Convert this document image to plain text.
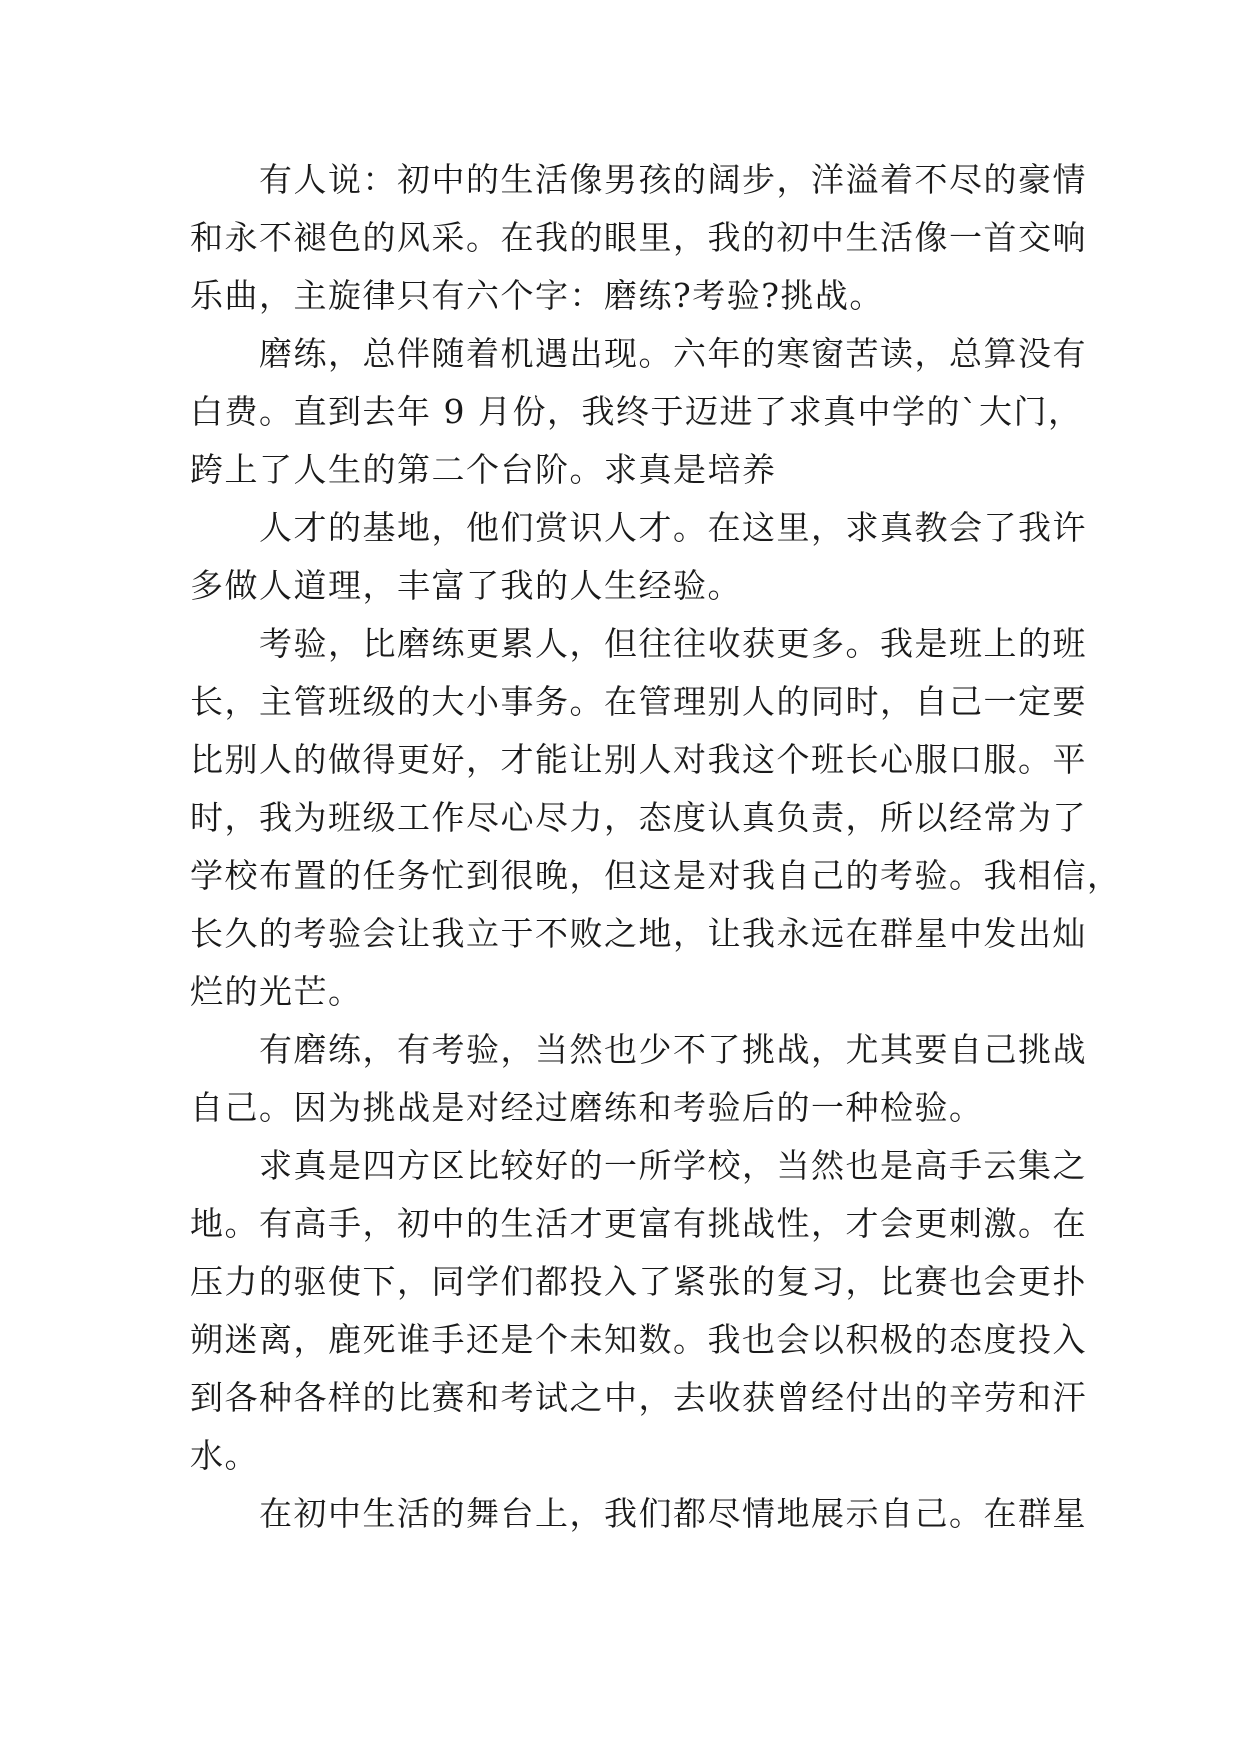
　　有人说：初中的生活像男孩的阔步，洋溢着不尽的豪情
和永不褪色的风采。在我的眼里，我的初中生活像一首交响
乐曲，主旋律只有六个字：磨练?考验?挑战。
　　磨练，总伴随着机遇出现。六年的寒窗苦读，总算没有
白费。直到去年 9 月份，我终于迈进了求真中学的`大门，
跨上了人生的第二个台阶。求真是培养
　　人才的基地，他们赏识人才。在这里，求真教会了我许
多做人道理，丰富了我的人生经验。
　　考验，比磨练更累人，但往往收获更多。我是班上的班
长，主管班级的大小事务。在管理别人的同时，自己一定要
比别人的做得更好，才能让别人对我这个班长心服口服。平
时，我为班级工作尽心尽力，态度认真负责，所以经常为了
学校布置的任务忙到很晚，但这是对我自己的考验。我相信，
长久的考验会让我立于不败之地，让我永远在群星中发出灿
烂的光芒。
　　有磨练，有考验，当然也少不了挑战，尤其要自己挑战
自己。因为挑战是对经过磨练和考验后的一种检验。
　　求真是四方区比较好的一所学校，当然也是高手云集之
地。有高手，初中的生活才更富有挑战性，才会更刺激。在
压力的驱使下，同学们都投入了紧张的复习，比赛也会更扑
朔迷离，鹿死谁手还是个未知数。我也会以积极的态度投入
到各种各样的比赛和考试之中，去收获曾经付出的辛劳和汗
水。
　　在初中生活的舞台上，我们都尽情地展示自己。在群星
